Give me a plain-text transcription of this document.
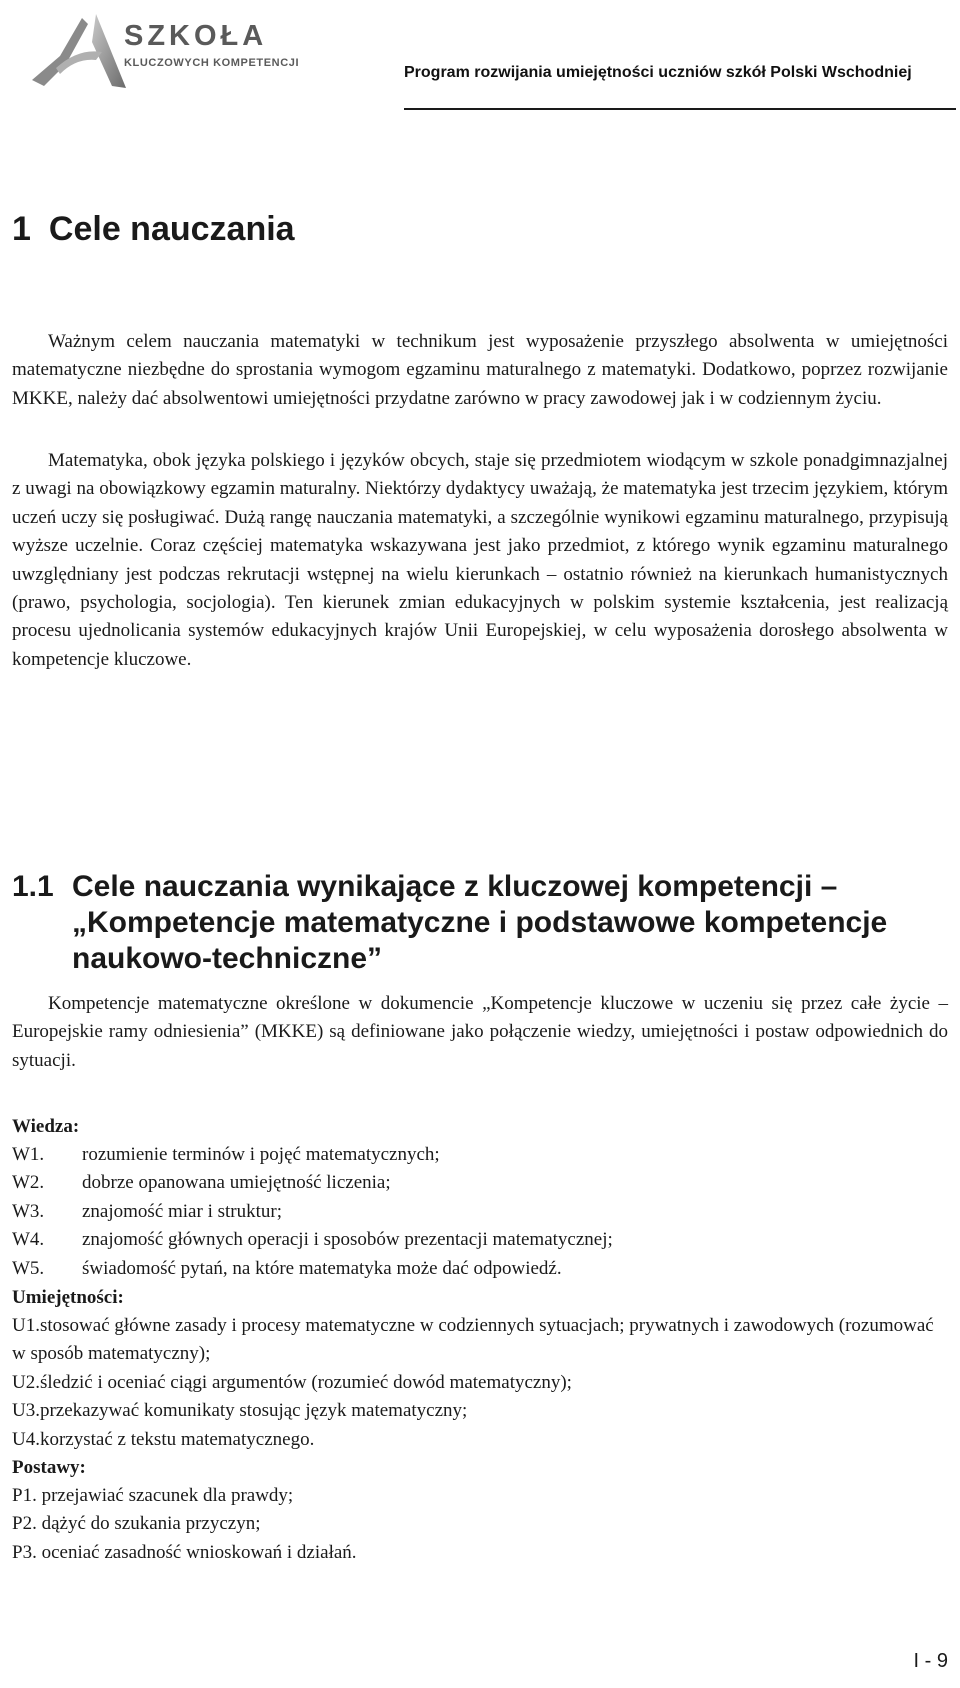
SZKOŁA
KLUCZOWYCH KOMPETENCJI
Program rozwijania umiejętności uczniów szkół Polski Wschodniej
1 Cele nauczania

Ważnym celem nauczania matematyki w technikum jest wyposażenie przyszłego absolwenta w umiejętności matematyczne niezbędne do sprostania wymogom egzaminu maturalnego z matematyki. Dodatkowo, poprzez rozwijanie MKKE, należy dać absolwentowi umiejętności przydatne zarówno w pracy zawodowej jak i w codziennym życiu.

Matematyka, obok języka polskiego i języków obcych, staje się przedmiotem wiodącym w szkole ponadgimnazjalnej z uwagi na obowiązkowy egzamin maturalny. Niektórzy dydaktycy uważają, że matematyka jest trzecim językiem, którym uczeń uczy się posługiwać. Dużą rangę nauczania matematyki, a szczególnie wynikowi egzaminu maturalnego, przypisują wyższe uczelnie. Coraz częściej matematyka wskazywana jest jako przedmiot, z którego wynik egzaminu maturalnego uwzględniany jest podczas rekrutacji wstępnej na wielu kierunkach – ostatnio również na kierunkach humanistycznych (prawo, psychologia, socjologia). Ten kierunek zmian edukacyjnych w polskim systemie kształcenia, jest realizacją procesu ujednolicania systemów edukacyjnych krajów Unii Europejskiej, w celu wyposażenia dorosłego absolwenta w kompetencje kluczowe.

1.1 Cele nauczania wynikające z kluczowej kompetencji – „Kompetencje matematyczne i podstawowe kompetencje naukowo-techniczne”

Kompetencje matematyczne określone w dokumencie „Kompetencje kluczowe w uczeniu się przez całe życie – Europejskie ramy odniesienia” (MKKE) są definiowane jako połączenie wiedzy, umiejętności i postaw odpowiednich do sytuacji.

Wiedza:
W1. rozumienie terminów i pojęć matematycznych;
W2. dobrze opanowana umiejętność liczenia;
W3. znajomość miar i struktur;
W4. znajomość głównych operacji i sposobów prezentacji matematycznej;
W5. świadomość pytań, na które matematyka może dać odpowiedź.
Umiejętności:
U1.stosować główne zasady i procesy matematyczne w codziennych sytuacjach; prywatnych i zawodowych (rozumować w sposób matematyczny);
U2.śledzić i oceniać ciągi argumentów (rozumieć dowód matematyczny);
U3.przekazywać komunikaty stosując język matematyczny;
U4.korzystać z tekstu matematycznego.
Postawy:
P1. przejawiać szacunek dla prawdy;
P2. dążyć do szukania przyczyn;
P3. oceniać zasadność wnioskowań i działań.
I - 9
